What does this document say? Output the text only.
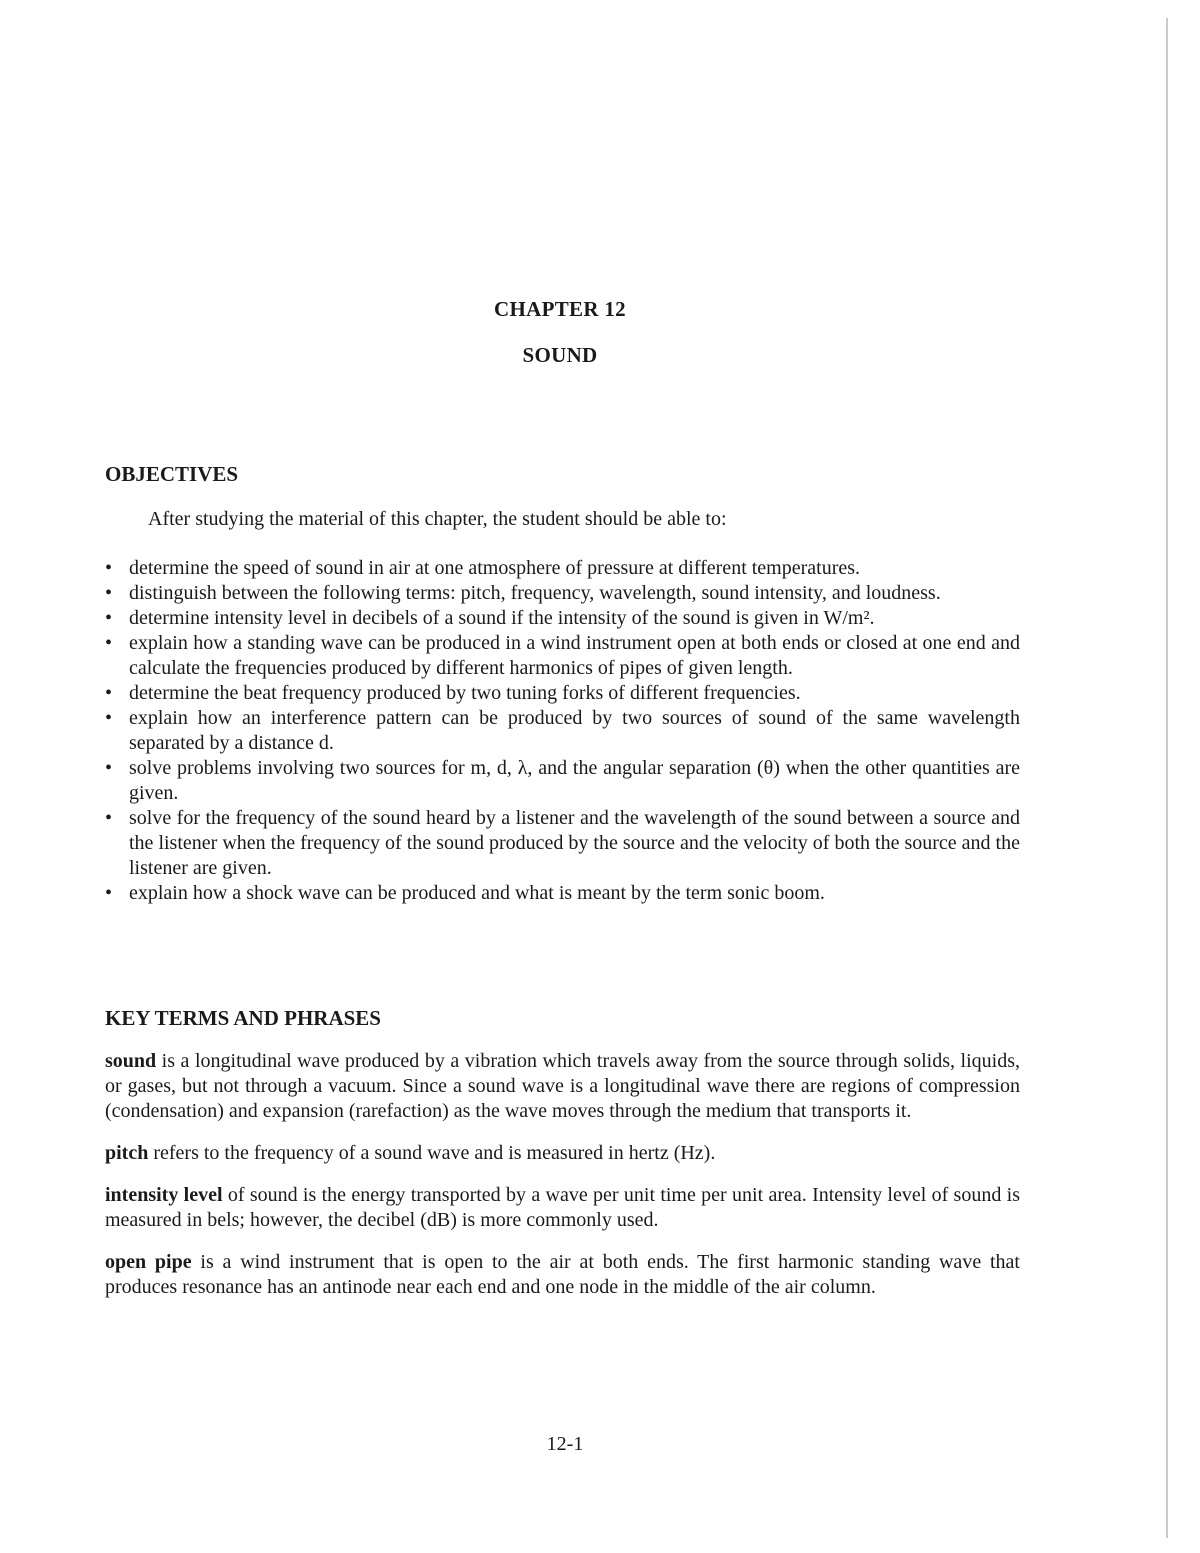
CHAPTER 12
SOUND
OBJECTIVES
After studying the material of this chapter, the student should be able to:
• determine the speed of sound in air at one atmosphere of pressure at different temperatures.
• distinguish between the following terms: pitch, frequency, wavelength, sound intensity, and loudness.
• determine intensity level in decibels of a sound if the intensity of the sound is given in W/m².
• explain how a standing wave can be produced in a wind instrument open at both ends or closed at one end and calculate the frequencies produced by different harmonics of pipes of given length.
• determine the beat frequency produced by two tuning forks of different frequencies.
• explain how an interference pattern can be produced by two sources of sound of the same wavelength separated by a distance d.
• solve problems involving two sources for m, d, λ, and the angular separation (θ) when the other quantities are given.
• solve for the frequency of the sound heard by a listener and the wavelength of the sound between a source and the listener when the frequency of the sound produced by the source and the velocity of both the source and the listener are given.
• explain how a shock wave can be produced and what is meant by the term sonic boom.
KEY TERMS AND PHRASES

sound is a longitudinal wave produced by a vibration which travels away from the source through solids, liquids, or gases, but not through a vacuum. Since a sound wave is a longitudinal wave there are regions of compression (condensation) and expansion (rarefaction) as the wave moves through the medium that transports it.

pitch refers to the frequency of a sound wave and is measured in hertz (Hz).

intensity level of sound is the energy transported by a wave per unit time per unit area. Intensity level of sound is measured in bels; however, the decibel (dB) is more commonly used.

open pipe is a wind instrument that is open to the air at both ends. The first harmonic standing wave that produces resonance has an antinode near each end and one node in the middle of the air column.

12-1
